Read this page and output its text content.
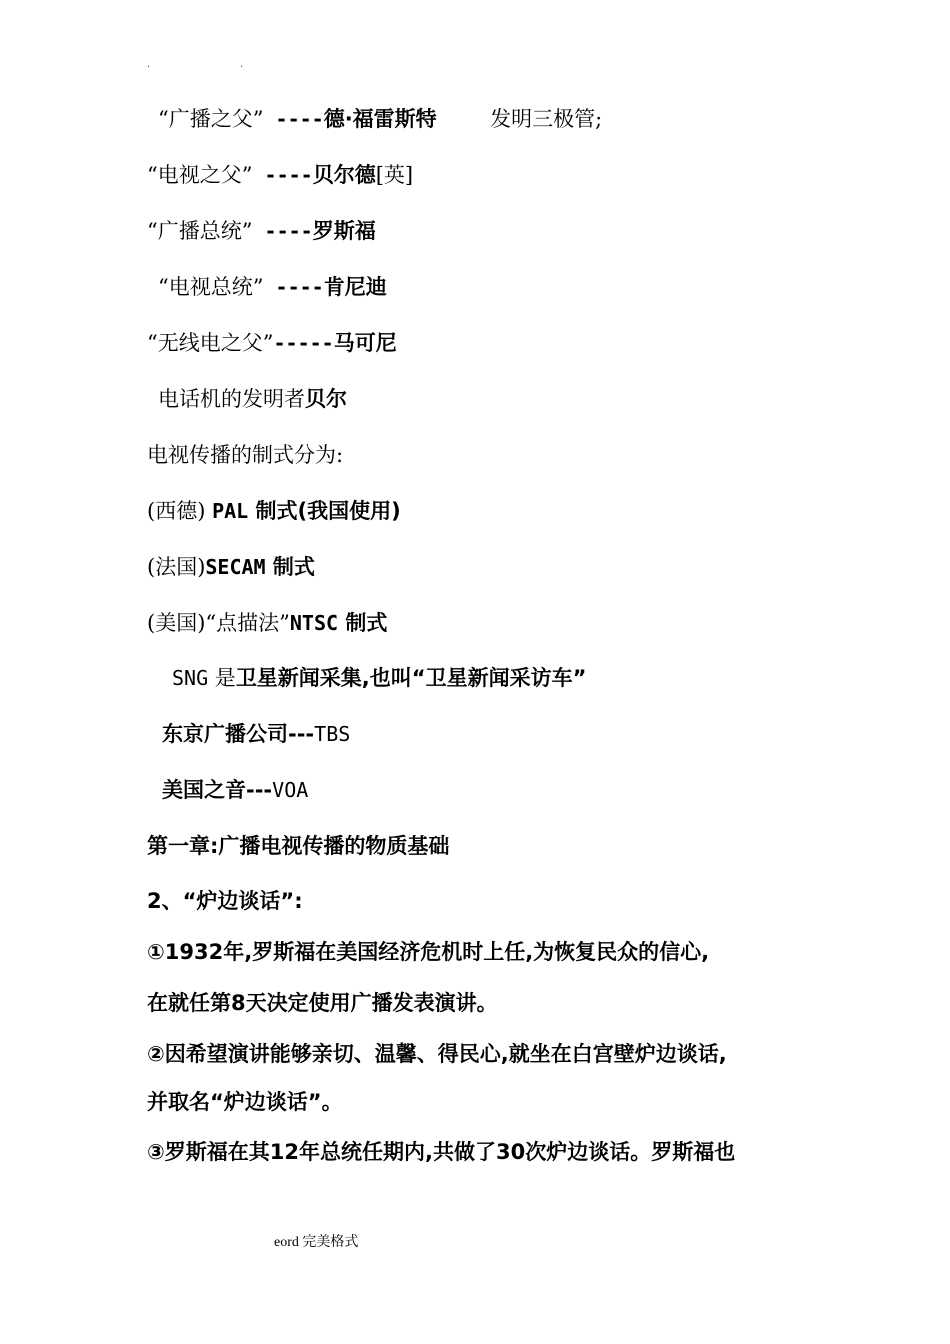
.	.
“广播之父” ----德·福雷斯特	发明三极管;
“电视之父” ----贝尔德[英]
“广播总统” ----罗斯福
“电视总统” ----肯尼迪
“无线电之父”-----马可尼
电话机的发明者贝尔
电视传播的制式分为:
(西德) PAL 制式(我国使用)
(法国)SECAM 制式
(美国)“点描法”NTSC 制式
SNG 是卫星新闻采集,也叫“卫星新闻采访车”
东京广播公司---TBS
美国之音---VOA
第一章:广播电视传播的物质基础
2、“炉边谈话”:
①1932年,罗斯福在美国经济危机时上任,为恢复民众的信心,
在就任第8天决定使用广播发表演讲。
②因希望演讲能够亲切、温馨、得民心,就坐在白宫壁炉边谈话,
并取名“炉边谈话”。
③罗斯福在其12年总统任期内,共做了30次炉边谈话。罗斯福也
eord 完美格式
